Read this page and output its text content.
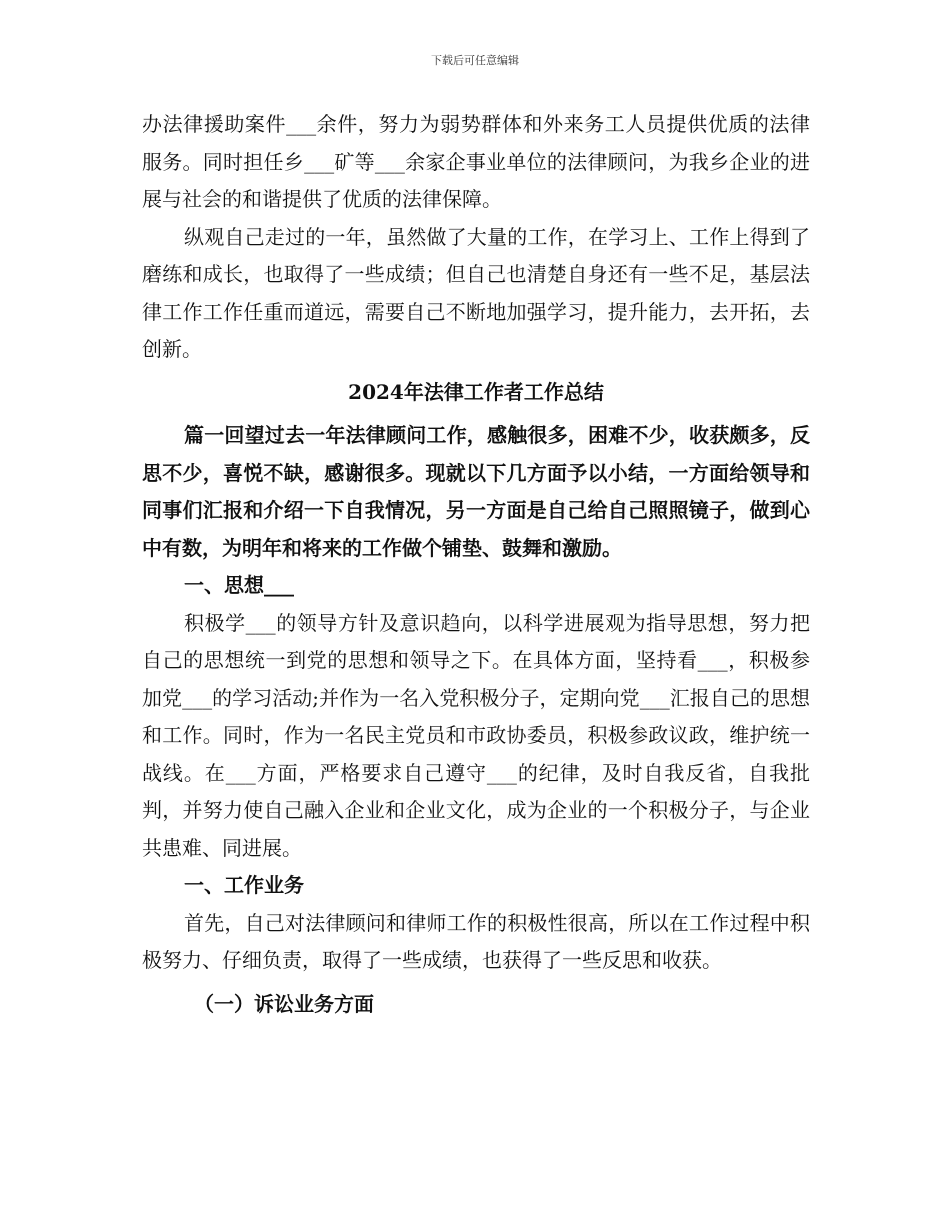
下载后可任意编辑

办法律援助案件___余件，努力为弱势群体和外来务工人员提供优质的法律服务。同时担任乡___矿等___余家企事业单位的法律顾问，为我乡企业的进展与社会的和谐提供了优质的法律保障。

纵观自己走过的一年，虽然做了大量的工作，在学习上、工作上得到了磨练和成长，也取得了一些成绩；但自己也清楚自身还有一些不足，基层法律工作工作任重而道远，需要自己不断地加强学习，提升能力，去开拓，去创新。

2024年法律工作者工作总结

篇一回望过去一年法律顾问工作，感触很多，困难不少，收获颇多，反思不少，喜悦不缺，感谢很多。现就以下几方面予以小结，一方面给领导和同事们汇报和介绍一下自我情况，另一方面是自己给自己照照镜子，做到心中有数，为明年和将来的工作做个铺垫、鼓舞和激励。

一、思想___

积极学___的领导方针及意识趋向，以科学进展观为指导思想，努力把自己的思想统一到党的思想和领导之下。在具体方面，坚持看___，积极参加党___的学习活动;并作为一名入党积极分子，定期向党___汇报自己的思想和工作。同时，作为一名民主党员和市政协委员，积极参政议政，维护统一战线。在___方面，严格要求自己遵守___的纪律，及时自我反省，自我批判，并努力使自己融入企业和企业文化，成为企业的一个积极分子，与企业共患难、同进展。

一、工作业务

首先，自己对法律顾问和律师工作的积极性很高，所以在工作过程中积极努力、仔细负责，取得了一些成绩，也获得了一些反思和收获。

（一）诉讼业务方面
